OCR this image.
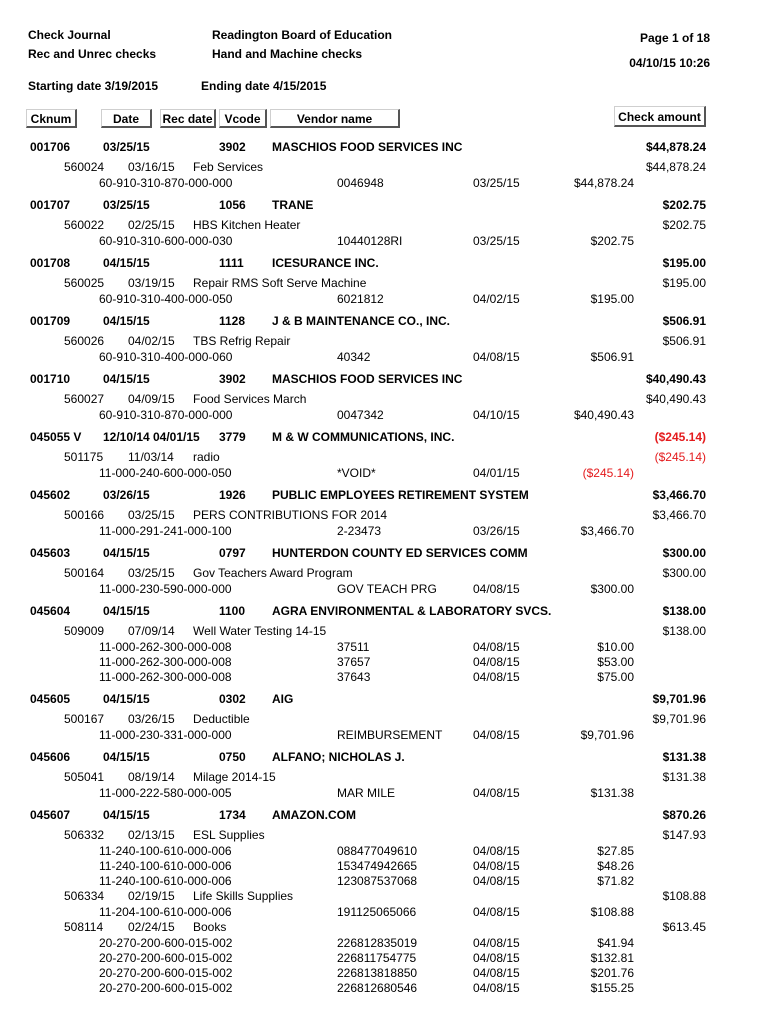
Check Journal
Rec and Unrec checks
Readington Board of Education
Hand and Machine checks
Page 1 of 18
04/10/15 10:26
Starting date 3/19/2015	Ending date 4/15/2015
Cknum	Date	Rec date Vcode	Vendor name	Check amount
001706	03/25/15	3902 MASCHIOS FOOD SERVICES INC	$44,878.24
560024 03/16/15 Feb Services	$44,878.24
60-910-310-870-000-000	0046948	03/25/15	$44,878.24
001707	03/25/15	1056 TRANE	$202.75
560022 02/25/15 HBS Kitchen Heater	$202.75
60-910-310-600-000-030	10440128RI	03/25/15	$202.75
001708	04/15/15	1111 ICESURANCE INC.	$195.00
560025 03/19/15 Repair RMS Soft Serve Machine	$195.00
60-910-310-400-000-050	6021812	04/02/15	$195.00
001709	04/15/15	1128 J & B MAINTENANCE CO., INC.	$506.91
560026 04/02/15 TBS Refrig Repair	$506.91
60-910-310-400-000-060	40342	04/08/15	$506.91
001710	04/15/15	3902 MASCHIOS FOOD SERVICES INC	$40,490.43
560027 04/09/15 Food Services March	$40,490.43
60-910-310-870-000-000	0047342	04/10/15	$40,490.43
045055 V 12/10/14 04/01/15 3779 M & W COMMUNICATIONS, INC.	($245.14)
501175 11/03/14 radio	($245.14)
11-000-240-600-000-050	*VOID*	04/01/15	($245.14)
045602	03/26/15	1926 PUBLIC EMPLOYEES RETIREMENT SYSTEM	$3,466.70
500166 03/25/15 PERS CONTRIBUTIONS FOR 2014	$3,466.70
11-000-291-241-000-100	2-23473	03/26/15	$3,466.70
045603	04/15/15	0797 HUNTERDON COUNTY ED SERVICES COMM	$300.00
500164 03/25/15 Gov Teachers Award Program	$300.00
11-000-230-590-000-000	GOV TEACH PRG	04/08/15	$300.00
045604	04/15/15	1100 AGRA ENVIRONMENTAL & LABORATORY SVCS.	$138.00
509009 07/09/14 Well Water Testing 14-15	$138.00
11-000-262-300-000-008	37511	04/08/15	$10.00
11-000-262-300-000-008	37657	04/08/15	$53.00
11-000-262-300-000-008	37643	04/08/15	$75.00
045605	04/15/15	0302 AIG	$9,701.96
500167 03/26/15 Deductible	$9,701.96
11-000-230-331-000-000	REIMBURSEMENT	04/08/15	$9,701.96
045606	04/15/15	0750 ALFANO; NICHOLAS J.	$131.38
505041 08/19/14 Milage 2014-15	$131.38
11-000-222-580-000-005	MAR MILE	04/08/15	$131.38
045607	04/15/15	1734 AMAZON.COM	$870.26
506332 02/13/15 ESL Supplies	$147.93
11-240-100-610-000-006	088477049610	04/08/15	$27.85
11-240-100-610-000-006	153474942665	04/08/15	$48.26
11-240-100-610-000-006	123087537068	04/08/15	$71.82
506334 02/19/15 Life Skills Supplies	$108.88
11-204-100-610-000-006	191125065066	04/08/15	$108.88
508114 02/24/15 Books	$613.45
20-270-200-600-015-002	226812835019	04/08/15	$41.94
20-270-200-600-015-002	226811754775	04/08/15	$132.81
20-270-200-600-015-002	226813818850	04/08/15	$201.76
20-270-200-600-015-002	226812680546	04/08/15	$155.25
